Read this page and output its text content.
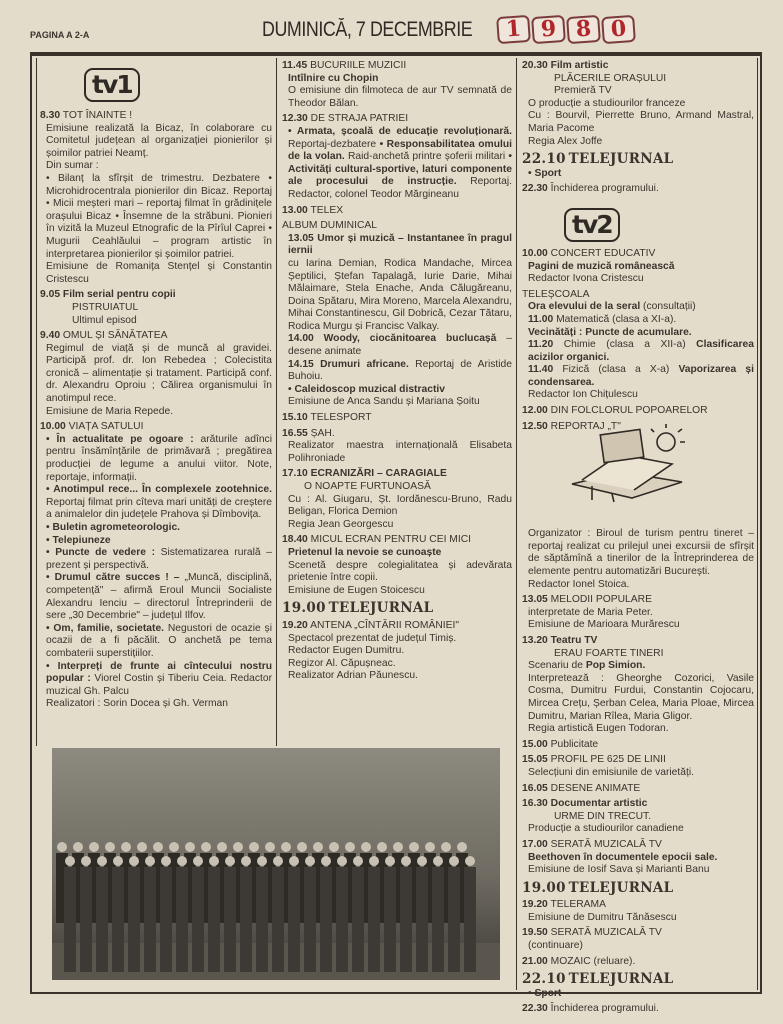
PAGINA A 2-A	DUMINICĂ, 7 DECEMBRIE	1 9 8 0
tv1
8.30 TOT ÎNAINTE !
Emisiune realizată la Bicaz, în colaborare cu Comitetul județean al organizației pionierilor și șoimilor patriei Neamț.
Din sumar :
• Bilanț la sfîrșit de trimestru. Dezbatere • Microhidrocentrala pionierilor din Bicaz. Reportaj • Micii meșteri mari – reportaj filmat în grădinițele orașului Bicaz • Însemne de la străbuni. Pionieri în vizită la Muzeul Etnografic de la Pîrîul Caprei • Mugurii Ceahlăului – program artistic în interpretarea pionierilor și șoimilor patriei.
Emisiune de Romanița Stențel și Constantin Cristescu
9.05 Film serial pentru copii
PISTRUIATUL
Ultimul episod
9.40 OMUL ȘI SĂNĂTATEA
Regimul de viață și de muncă al gravidei. Participă prof. dr. Ion Rebedea ; Colecistita cronică – alimentație și tratament. Participă conf. dr. Alexandru Oproiu ; Călirea organismului în anotimpul rece.
Emisiune de Maria Repede.
10.00 VIAȚA SATULUI
• În actualitate pe ogoare : arăturile adînci pentru însămînțările de primăvară ; pregătirea producției de legume a anului viitor. Note, reportaje, informații.
• Anotimpul rece... În complexele zootehnice. Reportaj filmat prin cîteva mari unități de creștere a animalelor din județele Prahova și Dîmbovița.
• Buletin agrometeorologic.
• Telepiuneze
• Puncte de vedere : Sistematizarea rurală – prezent și perspectivă.
• Drumul către succes ! – „Muncă, disciplină, competență" – afirmă Eroul Muncii Socialiste Alexandru Ienciu – directorul Întreprinderii de sere „30 Decembrie" – județul Ilfov.
• Om, familie, societate. Negustori de ocazie și ocazii de a fi păcălit. O anchetă pe tema combaterii superstițiilor.
• Interpreți de frunte ai cîntecului nostru popular : Viorel Costin și Tiberiu Ceia. Redactor muzical Gh. Palcu
Realizatori : Sorin Docea și Gh. Verman
11.45 BUCURIILE MUZICII
Intîlnire cu Chopin
O emisiune din filmoteca de aur TV semnată de Theodor Bălan.
12.30 DE STRAJA PATRIEI
• Armata, școală de educație revoluționară. Reportaj-dezbatere • Responsabilitatea omului de la volan. Raid-anchetă printre șoferii militari • Activități cultural-sportive, laturi componente ale procesului de instrucție. Reportaj. Redactor, colonel Teodor Mărgineanu
13.00 TELEX
ALBUM DUMINICAL
13.05 Umor și muzică – Instantanee în pragul iernii
cu Iarina Demian, Rodica Mandache, Mircea Șeptilici, Ștefan Tapalagă, Iurie Darie, Mihai Mălaimare, Stela Enache, Anda Călugăreanu, Doina Spătaru, Mira Moreno, Marcela Alexandru, Mihai Constantinescu, Gil Dobrică, Cezar Tătaru, Rodica Murgu și Francisc Valkay.
14.00 Woody, ciocănitoarea buclucașă – desene animate
14.15 Drumuri africane. Reportaj de Aristide Buhoiu.
• Caleidoscop muzical distractiv
Emisiune de Anca Sandu și Mariana Șoitu
15.10 TELESPORT
16.55 ȘAH.
Realizator maestra internațională Elisabeta Polihroniade
17.10 ECRANIZĂRI – CARAGIALE
O NOAPTE FURTUNOASĂ
Cu : Al. Giugaru, Șt. Iordănescu-Bruno, Radu Beligan, Florica Demion
Regia Jean Georgescu
18.40 MICUL ECRAN PENTRU CEI MICI
Prietenul la nevoie se cunoaște
Scenetă despre colegialitatea și adevărata prietenie între copii.
Emisiune de Eugen Stoicescu
19.00 TELEJURNAL
19.20 ANTENA „CÎNTĂRII ROMÂNIEI"
Spectacol prezentat de județul Timiș.
Redactor Eugen Dumitru.
Regizor Al. Căpușneac.
Realizator Adrian Păunescu.
20.30 Film artistic
PLĂCERILE ORAȘULUI
Premieră TV
O producție a studiourilor franceze
Cu : Bourvil, Pierrette Bruno, Armand Mastral, Maria Pacome
Regia Alex Joffe
22.10 TELEJURNAL
• Sport
22.30 Închiderea programului.
tv2
10.00 CONCERT EDUCATIV
Pagini de muzică românească
Redactor Ivona Cristescu
TELEȘCOALA
Ora elevului de la seral (consultații)
11.00 Matematică (clasa a XI-a).
Vecinătăți : Puncte de acumulare.
11.20 Chimie (clasa a XII-a) Clasificarea acizilor organici.
11.40 Fizică (clasa a X-a) Vaporizarea și condensarea.
Redactor Ion Chițulescu
12.00 DIN FOLCLORUL POPOARELOR
12.50 REPORTAJ „T"
Organizator : Biroul de turism pentru tineret – reportaj realizat cu prilejul unei excursii de sfîrșit de săptămînă a tinerilor de la Întreprinderea de elemente pentru automatizări București.
Redactor Ionel Stoica.
13.05 MELODII POPULARE
interpretate de Maria Peter.
Emisiune de Marioara Murărescu
13.20 Teatru TV
ERAU FOARTE TINERI
Scenariu de Pop Simion.
Interpretează : Gheorghe Cozorici, Vasile Cosma, Dumitru Furdui, Constantin Cojocaru, Mircea Crețu, Șerban Celea, Maria Ploae, Mircea Dumitru, Marian Rîlea, Maria Gligor.
Regia artistică Eugen Todoran.
15.00 Publicitate
15.05 PROFIL PE 625 DE LINII
Selecțiuni din emisiunile de varietăți.
16.05 DESENE ANIMATE
16.30 Documentar artistic
URME DIN TRECUT.
Producție a studiourilor canadiene
17.00 SERATĂ MUZICALĂ TV
Beethoven în documentele epocii sale.
Emisiune de Iosif Sava și Marianti Banu
19.00 TELEJURNAL
19.20 TELERAMA
Emisiune de Dumitru Tănăsescu
19.50 SERATĂ MUZICALĂ TV
(continuare)
21.00 MOZAIC (reluare).
22.10 TELEJURNAL
• Sport
22.30 Închiderea programului.
